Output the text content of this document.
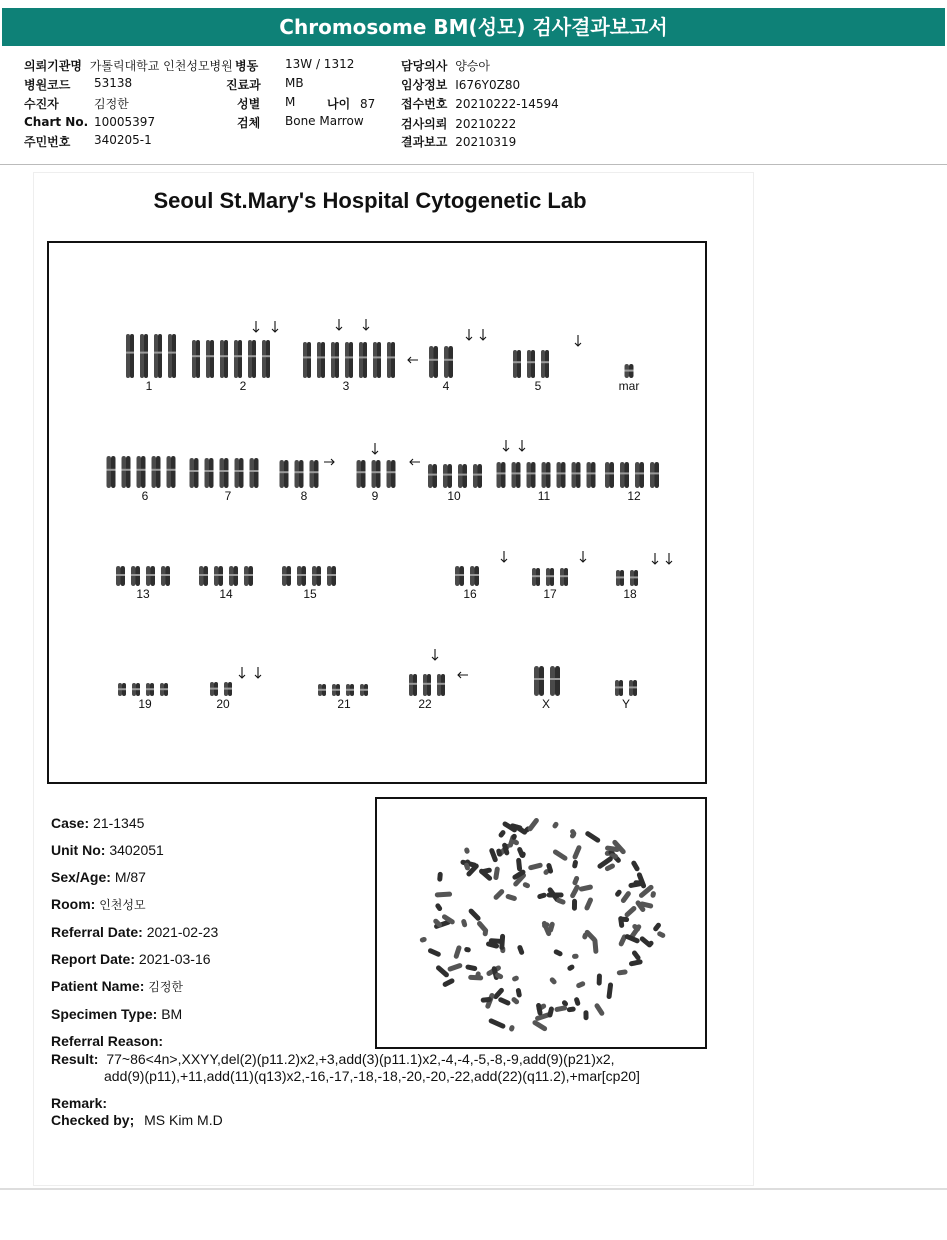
Chromosome BM(성모) 검사결과보고서
의뢰기관명 가톨릭대학교 인천성모병원 병동 13W / 1312	담당의사 양승아
병원코드 53138	진료과 MB	임상정보 I676Y0Z80
수진자	김정한	성별 M	나이 87 접수번호 20210222-14594
Chart No. 10005397	검체 Bone Marrow	검사의뢰 20210222
주민번호 340205-1	결과보고 20210319
Seoul St.Mary's Hospital Cytogenetic Lab
1	2	3	4	5	mar
6	7	8	9	10	11	12
13	14	15	16	17	18
19	20	21	22	X	Y
Case: 21-1345
Unit No: 3402051
Sex/Age: M/87
Room: 인천성모
Referral Date: 2021-02-23
Report Date: 2021-03-16
Patient Name: 김정한
Specimen Type: BM
Referral Reason:
Result: 77~86<4n>,XXYY,del(2)(p11.2)x2,+3,add(3)(p11.1)x2,-4,-4,-5,-8,-9,add(9)(p21)x2,
add(9)(p11),+11,add(11)(q13)x2,-16,-17,-18,-18,-20,-20,-22,add(22)(q11.2),+mar[cp20]
Remark:
Checked by; MS Kim M.D
